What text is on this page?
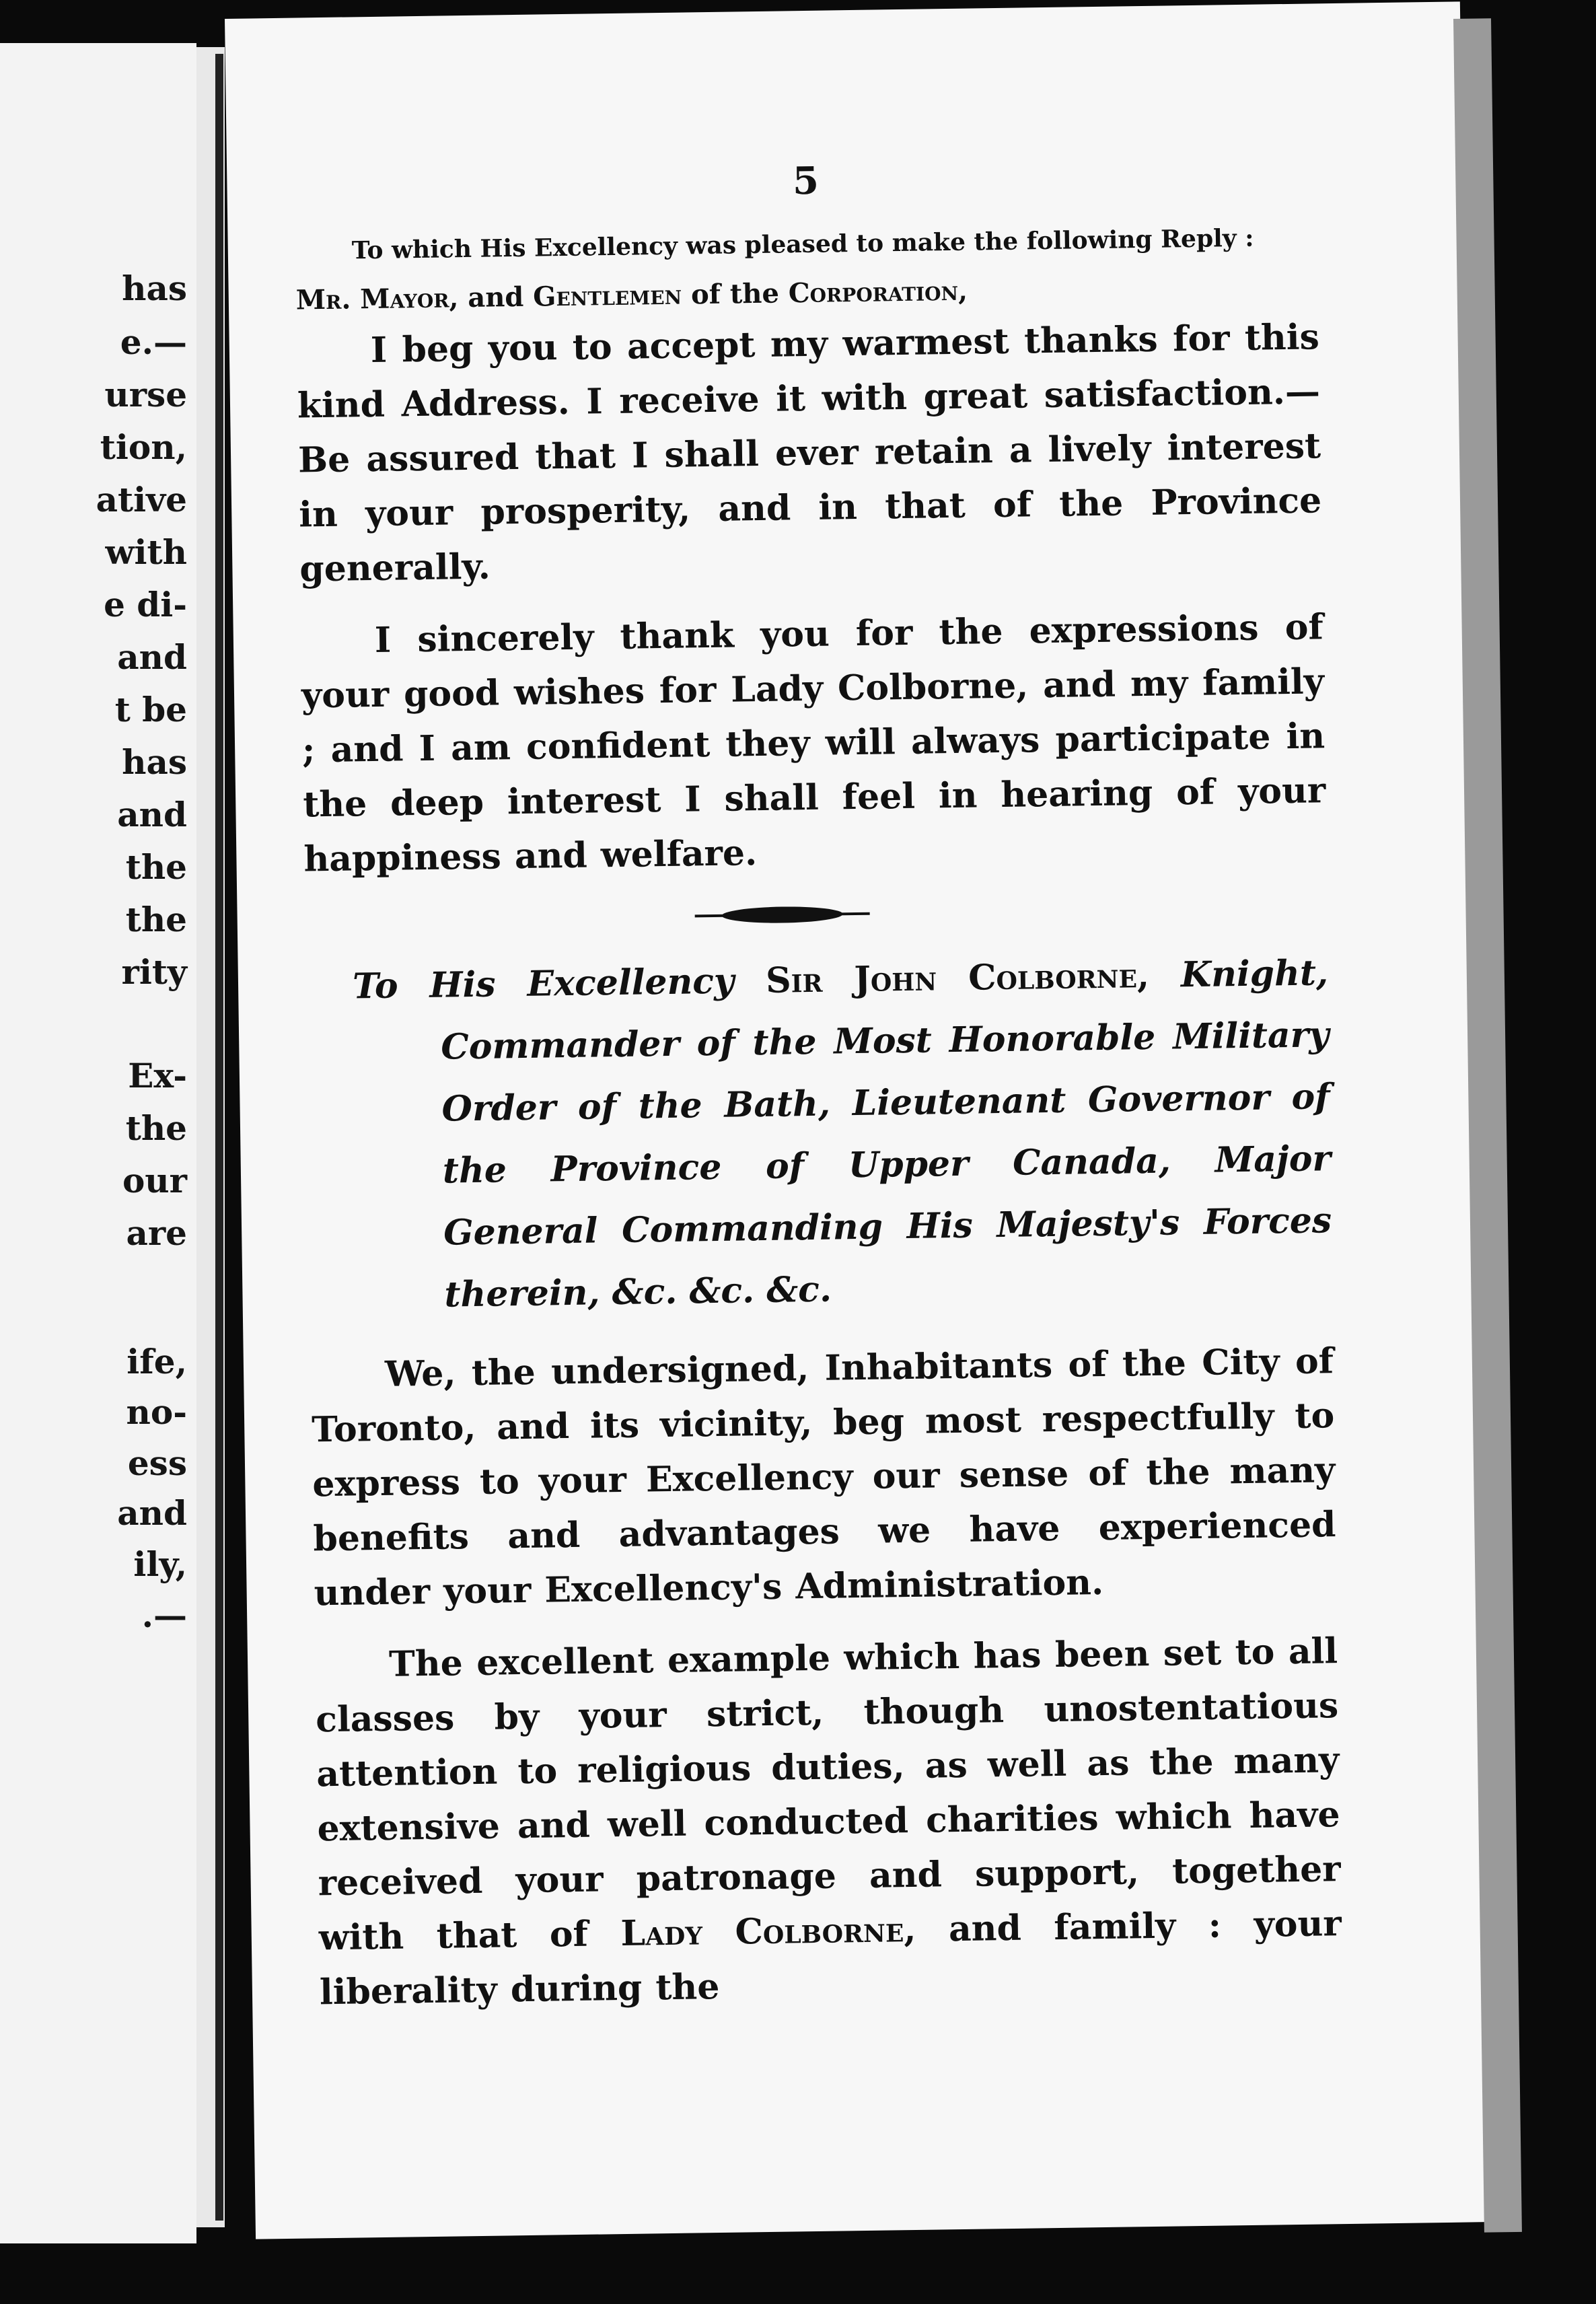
has
e.—
urse
tion,
ative
with
e di-
and
t be
has
and
the
the
rity
Ex-
the
our
are
ife,
no-
ess
and
ily,
.—
5
To which His Excellency was pleased to make the following Reply :
Mr. Mayor, and Gentlemen of the Corporation,

I beg you to accept my warmest thanks for this kind Address. I receive it with great satisfaction.—Be assured that I shall ever retain a lively interest in your prosperity, and in that of the Province generally.

I sincerely thank you for the expressions of your good wishes for Lady Colborne, and my family ; and I am confident they will always participate in the deep interest I shall feel in hearing of your happiness and welfare.

To His Excellency Sir John Colborne, Knight, Commander of the Most Honorable Military Order of the Bath, Lieutenant Governor of the Province of Upper Canada, Major General Commanding His Majesty's Forces therein, &c. &c. &c.

We, the undersigned, Inhabitants of the City of Toronto, and its vicinity, beg most respectfully to express to your Excellency our sense of the many benefits and advantages we have experienced under your Excellency's Administration.

The excellent example which has been set to all classes by your strict, though unostentatious attention to religious duties, as well as the many extensive and well conducted charities which have received your patronage and support, together with that of Lady Colborne, and family : your liberality during the
